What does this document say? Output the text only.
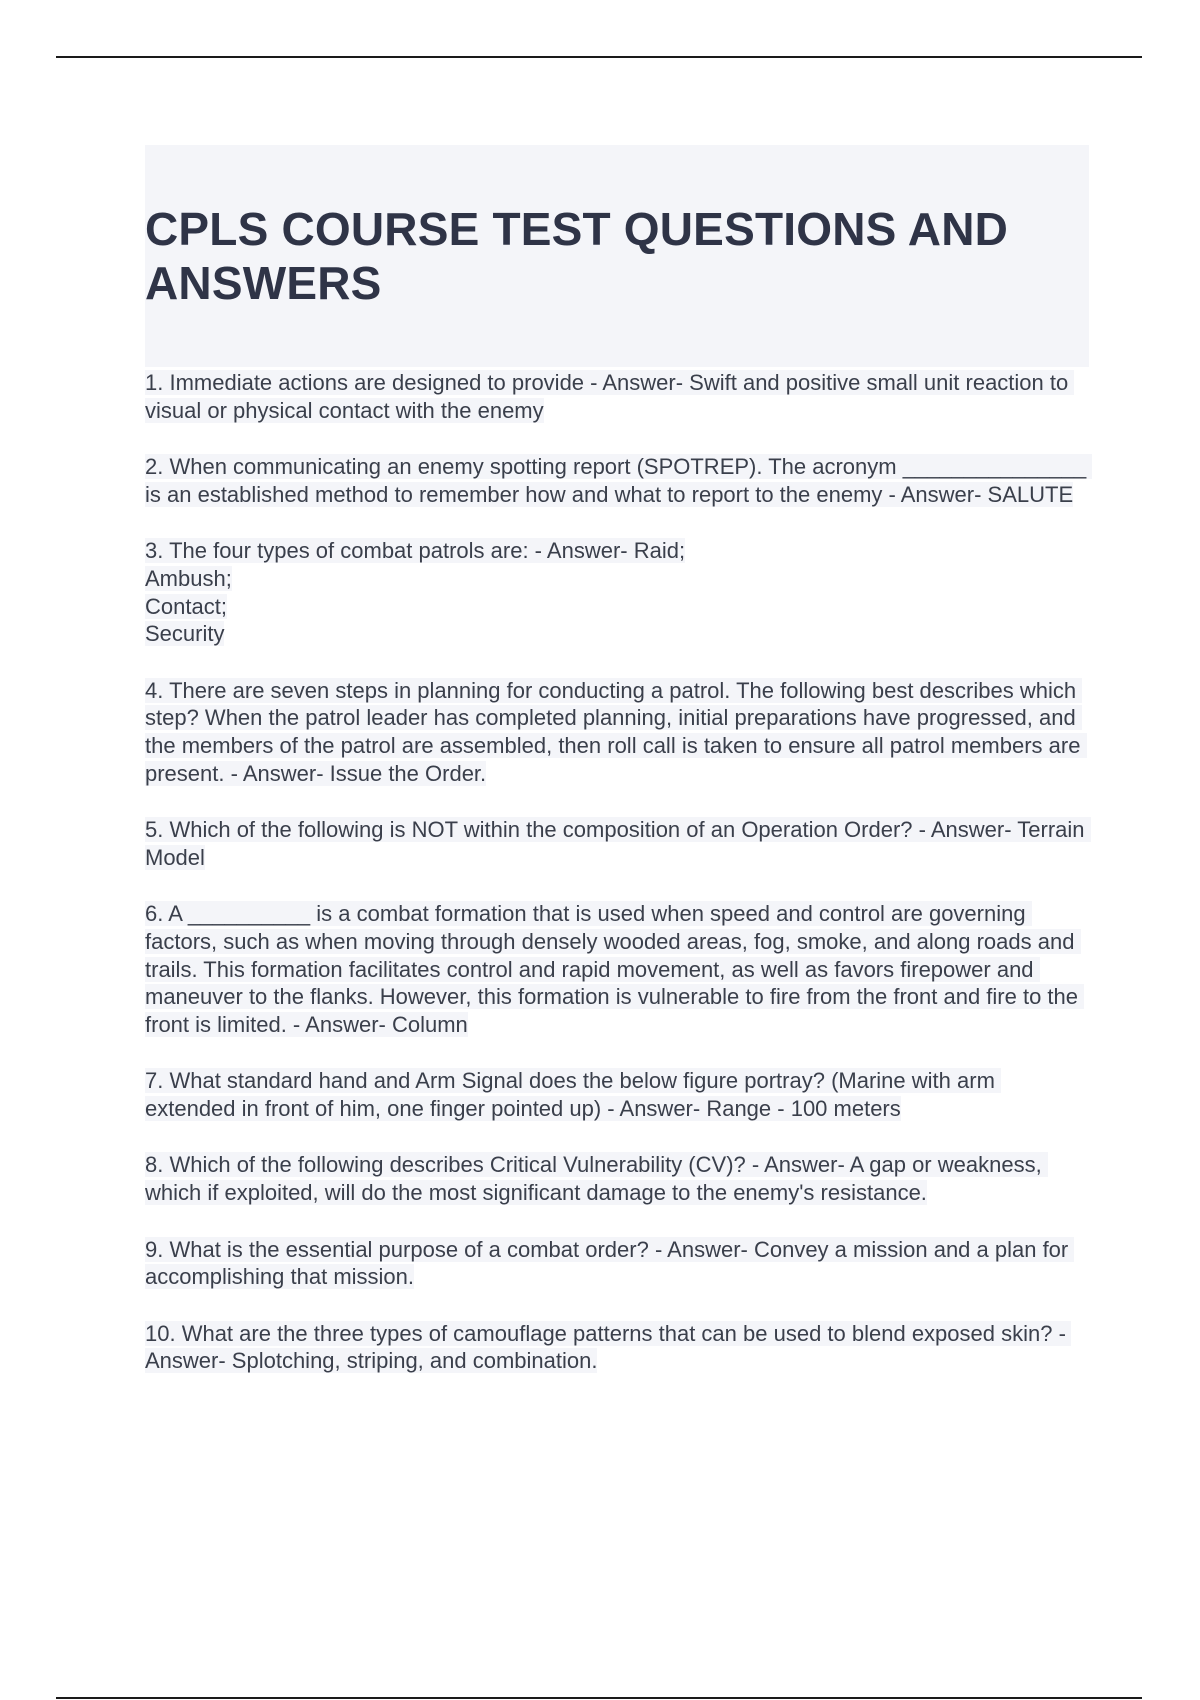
CPLS COURSE TEST QUESTIONS AND ANSWERS
1. Immediate actions are designed to provide - Answer- Swift and positive small unit reaction to visual or physical contact with the enemy
2. When communicating an enemy spotting report (SPOTREP). The acronym _______________ is an established method to remember how and what to report to the enemy - Answer- SALUTE
3. The four types of combat patrols are: - Answer- Raid;
Ambush;
Contact;
Security
4. There are seven steps in planning for conducting a patrol. The following best describes which step? When the patrol leader has completed planning, initial preparations have progressed, and the members of the patrol are assembled, then roll call is taken to ensure all patrol members are present. - Answer- Issue the Order.
5. Which of the following is NOT within the composition of an Operation Order? - Answer- Terrain Model
6. A __________ is a combat formation that is used when speed and control are governing factors, such as when moving through densely wooded areas, fog, smoke, and along roads and trails. This formation facilitates control and rapid movement, as well as favors firepower and maneuver to the flanks. However, this formation is vulnerable to fire from the front and fire to the front is limited. - Answer- Column
7. What standard hand and Arm Signal does the below figure portray? (Marine with arm extended in front of him, one finger pointed up) - Answer- Range - 100 meters
8. Which of the following describes Critical Vulnerability (CV)? - Answer- A gap or weakness, which if exploited, will do the most significant damage to the enemy's resistance.
9. What is the essential purpose of a combat order? - Answer- Convey a mission and a plan for accomplishing that mission.
10. What are the three types of camouflage patterns that can be used to blend exposed skin? - Answer- Splotching, striping, and combination.
